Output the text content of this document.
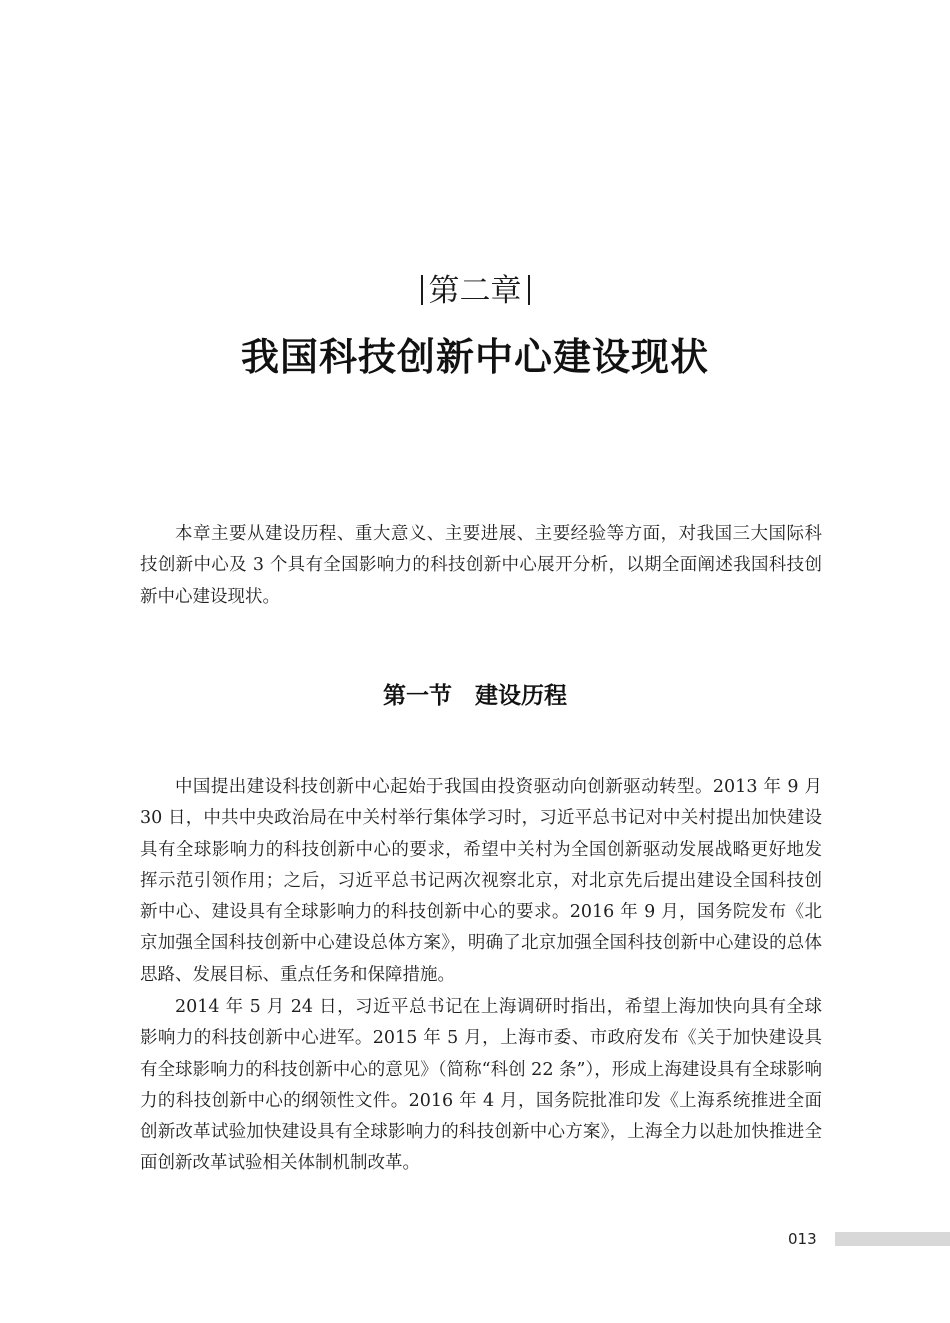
第二章
我国科技创新中心建设现状

本章主要从建设历程、重大意义、主要进展、主要经验等方面，对我国三大国际科技创新中心及 3 个具有全国影响力的科技创新中心展开分析，以期全面阐述我国科技创新中心建设现状。

第一节　建设历程

中国提出建设科技创新中心起始于我国由投资驱动向创新驱动转型。2013 年 9 月 30 日，中共中央政治局在中关村举行集体学习时，习近平总书记对中关村提出加快建设具有全球影响力的科技创新中心的要求，希望中关村为全国创新驱动发展战略更好地发挥示范引领作用；之后，习近平总书记两次视察北京，对北京先后提出建设全国科技创新中心、建设具有全球影响力的科技创新中心的要求。2016 年 9 月，国务院发布《北京加强全国科技创新中心建设总体方案》，明确了北京加强全国科技创新中心建设的总体思路、发展目标、重点任务和保障措施。

2014 年 5 月 24 日，习近平总书记在上海调研时指出，希望上海加快向具有全球影响力的科技创新中心进军。2015 年 5 月，上海市委、市政府发布《关于加快建设具有全球影响力的科技创新中心的意见》（简称“科创 22 条”），形成上海建设具有全球影响力的科技创新中心的纲领性文件。2016 年 4 月，国务院批准印发《上海系统推进全面创新改革试验加快建设具有全球影响力的科技创新中心方案》，上海全力以赴加快推进全面创新改革试验相关体制机制改革。

013
